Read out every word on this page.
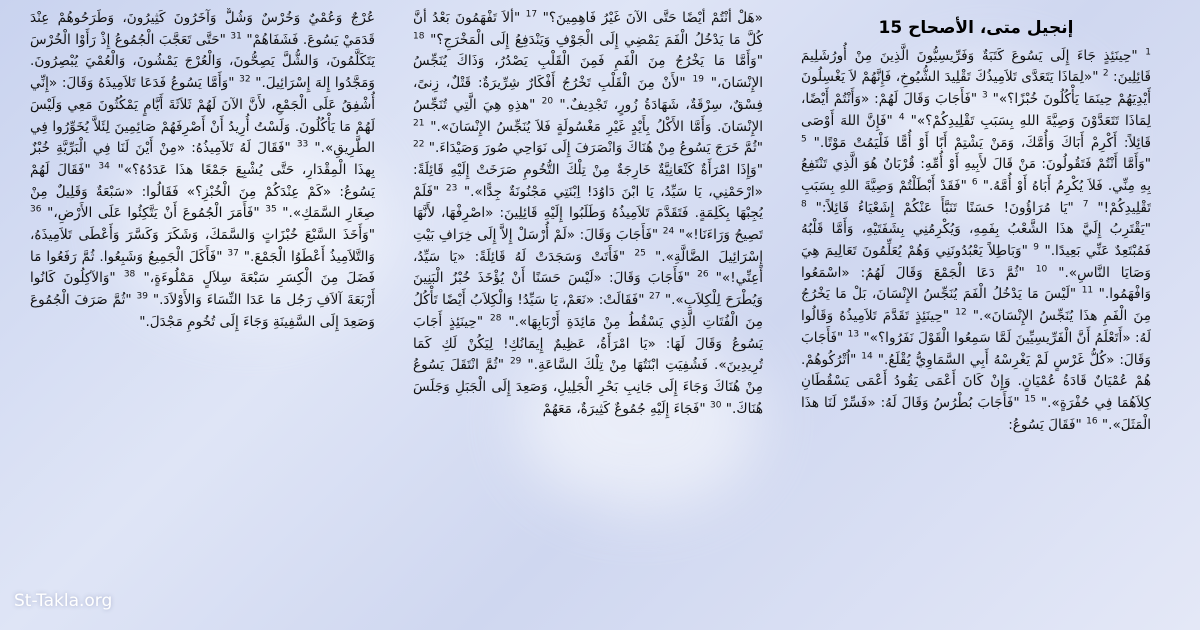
عُرْجٌ وَعُمْيٌ وَخُرْسٌ وَشُلٌّ وَآخَرُونَ كَثِيرُونَ، وَطَرَحُوهُمْ عِنْدَ قَدَمَيْ يَسُوعَ. فَشَفَاهُمْ" $^{31}$ "حَتَّى تَعَجَّبَ الْجُمُوعُ إِذْ رَأَوْا الْخُرْسَ يَتَكَلَّمُونَ، وَالشُّلَّ يَصِحُّونَ، وَالْعُرْجَ يَمْشُونَ، وَالْعُمْيَ يُبْصِرُونَ. وَمَجَّدُوا إِلهَ إِسْرَائِيلَ." $^{32}$ "وَأَمَّا يَسُوعُ فَدَعَا تَلاَمِيذَهُ وَقَالَ: «إِنِّي أُشْفِقُ عَلَى الْجَمْعِ، لأَنَّ الآنَ لَهُمْ ثَلاَثَةَ أَيَّامٍ يَمْكُثُونَ مَعِي وَلَيْسَ لَهُمْ مَا يَأْكُلُونَ. وَلَسْتُ أُرِيدُ أَنْ أَصْرِفَهُمْ صَائِمِينَ لِئَلاَّ يُخَوِّرُوا فِي الطَّرِيقِ»." $^{33}$ "فَقَالَ لَهُ تَلاَمِيذُهُ: «مِنْ أَيْنَ لَنَا فِي الْبَرِّيَّةِ خُبْزٌ بِهذَا الْمِقْدَارِ، حَتَّى يُشْبِعَ جَمْعًا هذَا عَدَدُهُ؟»" $^{34}$ "فَقَالَ لَهُمْ يَسُوعُ: «كَمْ عِنْدَكُمْ مِنَ الْخُبْزِ؟» فَقَالُوا: «سَبْعَةٌ وَقَلِيلٌ مِنْ صِغَارِ السَّمَكِ»." $^{35}$ "فَأَمَرَ الْجُمُوعَ أَنْ يَتَّكِئُوا عَلَى الأَرْضِ،" $^{36}$ "وَأَخَذَ السَّبْعَ خُبْزَاتٍ وَالسَّمَكَ، وَشَكَرَ وَكَسَّرَ وَأَعْطَى تَلاَمِيذَهُ، وَالتَّلاَمِيذُ أَعْطَوُا الْجَمْعَ." $^{37}$ "فَأَكَلَ الْجَمِيعُ وَشَبِعُوا. ثُمَّ رَفَعُوا مَا فَضَلَ مِنَ الْكِسَرِ سَبْعَةَ سِلاَلٍ مَمْلُوءَةٍ،" $^{38}$ "وَالآكِلُونَ كَانُوا أَرْبَعَةَ آلاَفِ رَجُل مَا عَدَا النِّسَاءَ وَالأَوْلاَدَ." $^{39}$ "ثُمَّ صَرَفَ الْجُمُوعَ وَصَعِدَ إِلَى السَّفِينَةِ وَجَاءَ إِلَى تُخُومِ مَجْدَلَ."
«هَلْ أَنْتُمْ أَيْضًا حَتَّى الآنَ غَيْرُ فَاهِمِينَ؟" $^{17}$ "أَلاَ تَفْهَمُونَ بَعْدُ أَنَّ كُلَّ مَا يَدْخُلُ الْفَمَ يَمْضِي إِلَى الْجَوْفِ وَيَنْدَفِعُ إِلَى الْمَخْرَجِ؟" $^{18}$ "وَأَمَّا مَا يَخْرُجُ مِنَ الْفَمِ فَمِنَ الْقَلْبِ يَصْدُرُ، وَذَاكَ يُنَجِّسُ الإِنْسَانَ،" $^{19}$ "لأَنْ مِنَ الْقَلْبِ تَخْرُجُ أَفْكَارٌ شِرِّيرَةٌ: قَتْلٌ، زِنىً، فِسْقٌ، سِرْقَةٌ، شَهَادَةُ زُورٍ، تَجْدِيفٌ." $^{20}$ "هذِهِ هِيَ الَّتِي تُنَجِّسُ الإِنْسَانَ. وَأَمَّا الأَكْلُ بِأَيْدٍ غَيْرِ مَغْسُولَةٍ فَلاَ يُنَجِّسُ الإِنْسَانَ»." $^{21}$ "ثُمَّ خَرَجَ يَسُوعُ مِنْ هُنَاكَ وَانْصَرَفَ إِلَى نَوَاحِي صُورَ وَصَيْدَاءَ." $^{22}$ "وَإِذَا امْرَأَةٌ كَنْعَانِيَّةٌ خَارِجَةٌ مِنْ تِلْكَ التُّخُومِ صَرَخَتْ إِلَيْهِ قَائِلَةً: «ارْحَمْنِي، يَا سَيِّدُ، يَا ابْنَ دَاوُدَ! اِبْنَتِي مَجْنُونَةٌ جِدًّا»." $^{23}$ "فَلَمْ يُجِبْهَا بِكَلِمَةٍ. فَتَقَدَّمَ تَلاَمِيذُهُ وَطَلَبُوا إِلَيْهِ قَائِلِينَ: «اصْرِفْهَا، لأَنَّهَا تَصِيحُ وَرَاءَنَا!»" $^{24}$ "فَأَجَابَ وَقَالَ: «لَمْ أُرْسَلْ إِلاَّ إِلَى خِرَافِ بَيْتِ إِسْرَائِيلَ الضَّالَّةِ»." $^{25}$ "فَأَتَتْ وَسَجَدَتْ لَهُ قَائِلَةً: «يَا سَيِّدُ، أَعِنِّي!»" $^{26}$ "فَأَجَابَ وَقَالَ: «لَيْسَ حَسَنًا أَنْ يُؤْخَذَ خُبْزُ الْبَنِينَ وَيُطْرَحَ لِلْكِلاَبِ»." $^{27}$ "فَقَالَتْ: «نَعَمْ، يَا سَيِّدُ! وَالْكِلاَبُ أَيْضًا تَأْكُلُ مِنَ الْفُتَاتِ الَّذِي يَسْقُطُ مِنْ مَائِدَةِ أَرْبَابِهَا»." $^{28}$ "حِينَئِذٍ أَجَابَ يَسُوعُ وَقَالَ لَهَا: «يَا امْرَأَةُ، عَظِيمٌ إِيمَانُكِ! لِيَكُنْ لَكِ كَمَا تُرِيدِينَ». فَشُفِيَتِ ابْنَتُهَا مِنْ تِلْكَ السَّاعَةِ." $^{29}$ "ثُمَّ انْتَقَلَ يَسُوعُ مِنْ هُنَاكَ وَجَاءَ إِلَى جَانِبِ بَحْرِ الْجَلِيلِ، وَصَعِدَ إِلَى الْجَبَلِ وَجَلَسَ هُنَاكَ." $^{30}$ "فَجَاءَ إِلَيْهِ جُمُوعٌ كَثِيرَةٌ، مَعَهُمْ
إنجيل متى، الأصحاح 15
$^1$ "حِينَئِذٍ جَاءَ إِلَى يَسُوعَ كَتَبَةٌ وَفَرِّيسِيُّونَ الَّذِينَ مِنْ أُورُشَلِيمَ قَائِلِينَ: $^2$ "«لِمَاذَا يَتَعَدَّى تَلاَمِيذُكَ تَقْلِيدَ الشُّيُوخِ، فَإِنَّهُمْ لاَ يَغْسِلُونَ أَيْدِيَهُمْ حِينَمَا يَأْكُلُونَ خُبْزًا؟»" $^3$ "فَأَجَابَ وَقَالَ لَهُمْ: «وَأَنْتُمْ أَيْضًا، لِمَاذَا تَتَعَدَّوْنَ وَصِيَّةَ اللهِ بِسَبَبِ تَقْلِيدِكُمْ؟»" $^4$ "فَإِنَّ اللهَ أَوْصَى قَائِلاً: أَكْرِمْ أَبَاكَ وَأُمَّكَ، وَمَنْ يَشْتِمْ أَبًا أَوْ أُمًّا فَلْيَمُتْ مَوْتًا." $^5$ "وَأَمَّا أَنْتُمْ فَتَقُولُونَ: مَنْ قَالَ لأَبِيهِ أَوْ أُمِّهِ: قُرْبَانٌ هُوَ الَّذِي تَنْتَفِعُ بِهِ مِنِّي. فَلاَ يُكْرِمُ أَبَاهُ أَوْ أُمَّهُ." $^6$ "فَقَدْ أَبْطَلْتُمْ وَصِيَّةَ اللهِ بِسَبَبِ تَقْلِيدِكُمْ!" $^7$ "يَا مُرَاؤُونَ! حَسَنًا تَنَبَّأَ عَنْكُمْ إِشَعْيَاءُ قَائِلاً:" $^8$ "يَقْتَرِبُ إِلَيَّ هذَا الشَّعْبُ بِفَمِهِ، وَيُكْرِمُنِي بِشَفَتَيْهِ، وَأَمَّا قَلْبُهُ فَمُبْتَعِدٌ عَنِّي بَعِيدًا." $^9$ "وَبَاطِلاً يَعْبُدُونَنِي وَهُمْ يُعَلِّمُونَ تَعَالِيمَ هِيَ وَصَايَا النَّاسِ»." $^{10}$ "ثُمَّ دَعَا الْجَمْعَ وَقَالَ لَهُمُ: «اسْمَعُوا وَافْهَمُوا." $^{11}$ "لَيْسَ مَا يَدْخُلُ الْفَمَ يُنَجِّسُ الإِنْسَانَ، بَلْ مَا يَخْرُجُ مِنَ الْفَمِ هذَا يُنَجِّسُ الإِنْسَانَ»." $^{12}$ "حِينَئِذٍ تَقَدَّمَ تَلاَمِيذُهُ وَقَالُوا لَهُ: «أَتَعْلَمُ أَنَّ الْفَرِّيسِيِّينَ لَمَّا سَمِعُوا الْقَوْلَ نَفَرُوا؟»" $^{13}$ "فَأَجَابَ وَقَالَ: «كُلُّ غَرْسٍ لَمْ يَغْرِسْهُ أَبِي السَّمَاوِيُّ يُقْلَعُ." $^{14}$ "اُتْرُكُوهُمْ. هُمْ عُمْيَانٌ قَادَةُ عُمْيَانٍ. وَإِنْ كَانَ أَعْمَى يَقُودُ أَعْمَى يَسْقُطَانِ كِلاَهُمَا فِي حُفْرَةٍ»." $^{15}$ "فَأَجَابَ بُطْرُسُ وَقَالَ لَهُ: «فَسِّرْ لَنَا هذَا الْمَثَلَ»." $^{16}$ "فَقَالَ يَسُوعُ:
St-Takla.org
